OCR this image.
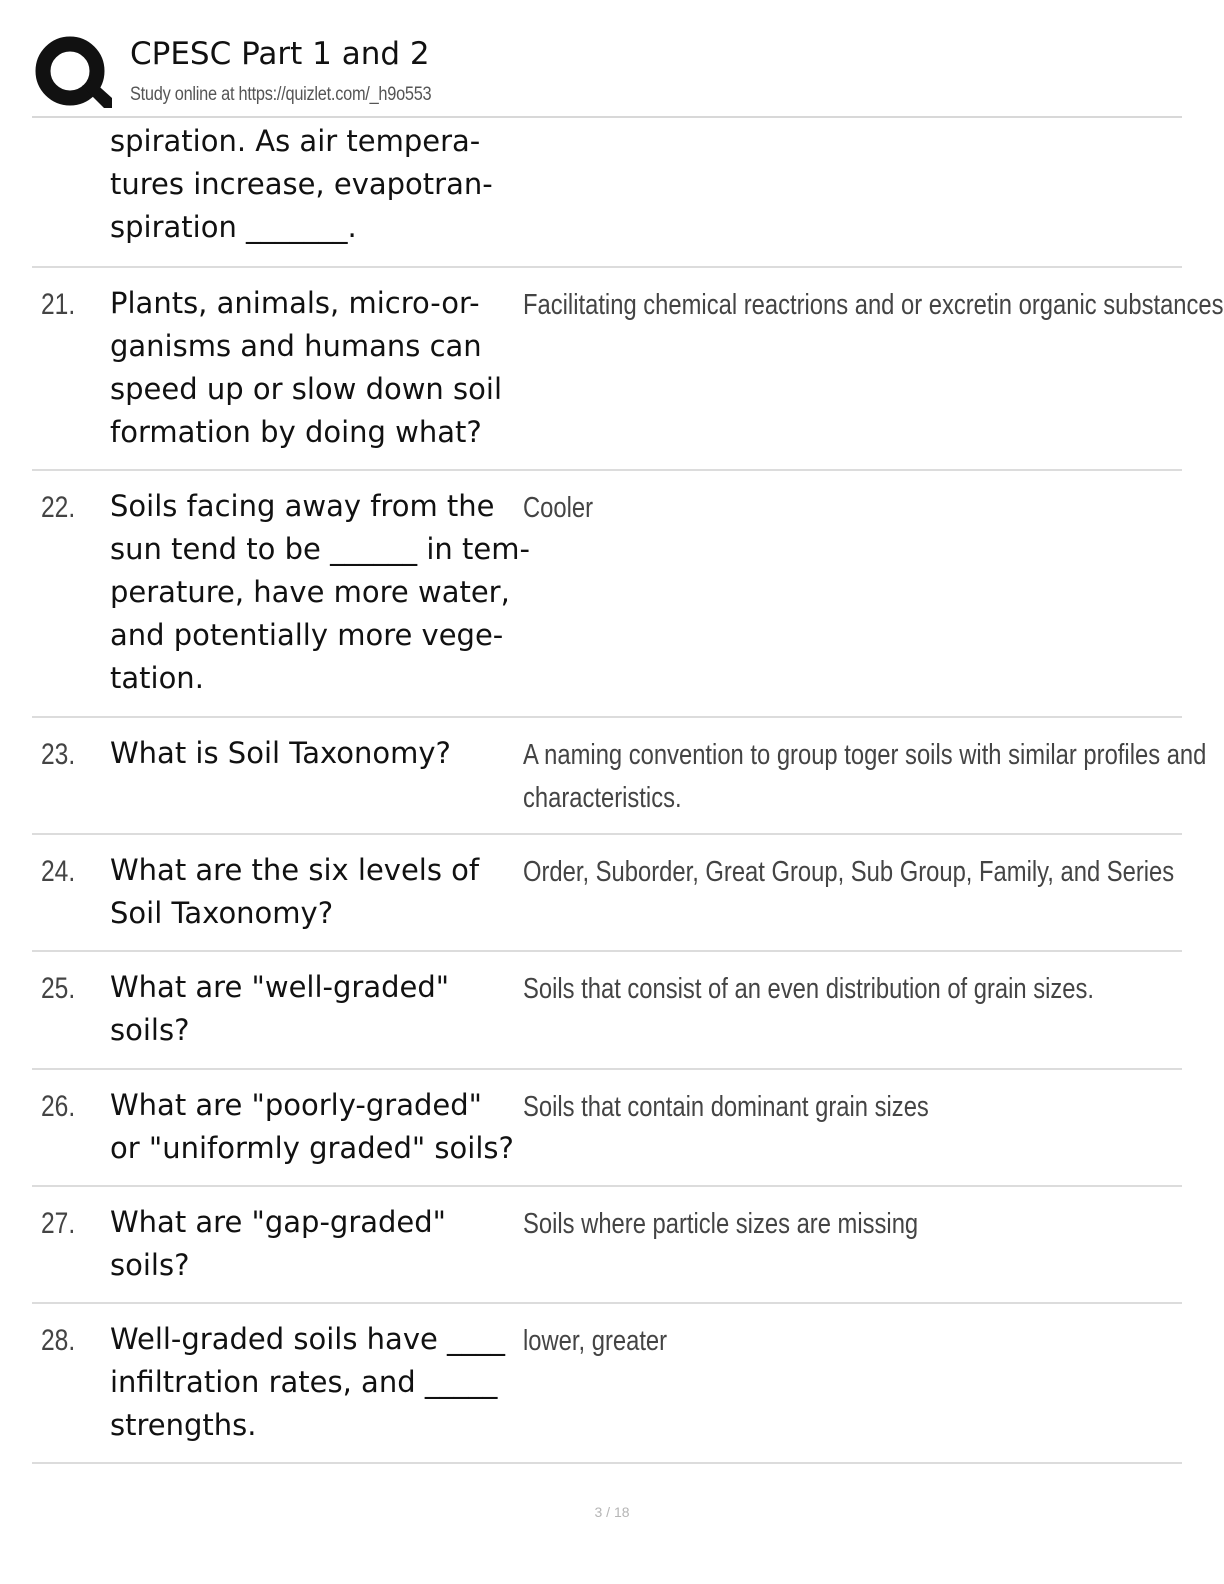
CPESC Part 1 and 2
Study online at https://quizlet.com/_h9o553
spiration. As air tempera-
tures increase, evapotran-
spiration _______.
21. Plants, animals, micro-or-
ganisms and humans can
speed up or slow down soil
formation by doing what?
Facilitating chemical reactrions and or excretin organic substances
22. Soils facing away from the
sun tend to be ______ in tem-
perature, have more water,
and potentially more vege-
tation.
Cooler
23. What is Soil Taxonomy?	A naming convention to group toger soils with similar profiles and
characteristics.
24. What are the six levels of
Soil Taxonomy?
Order, Suborder, Great Group, Sub Group, Family, and Series
25. What are "well-graded"
soils?
Soils that consist of an even distribution of grain sizes.
26. What are "poorly-graded"
or "uniformly graded" soils?
Soils that contain dominant grain sizes
27. What are "gap-graded"
soils?
Soils where particle sizes are missing
28. Well-graded soils have ____
infiltration rates, and _____
strengths.
lower, greater
3 / 18
